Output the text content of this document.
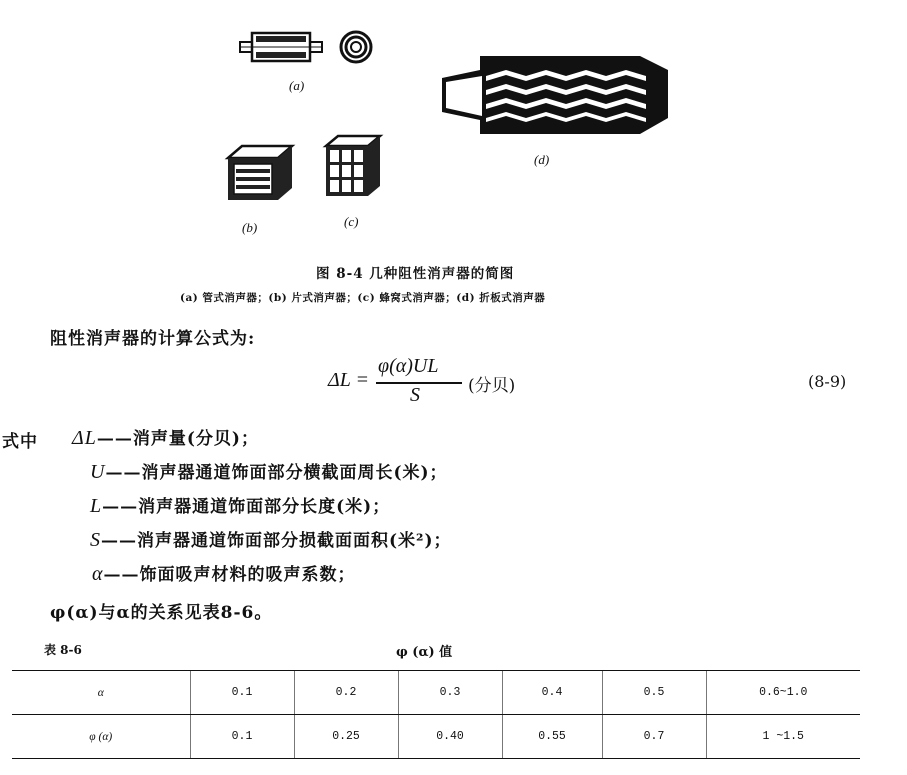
(a)
(d)
(b)	(c)
图 8-4 几种阻性消声器的简图
(a) 管式消声器；(b) 片式消声器；(c) 蜂窝式消声器；(d) 折板式消声器
阻性消声器的计算公式为:
ΔL =
φ(α)UL
S	(分贝)	(8-9)
式中 ΔL——消声量(分贝)；
U——消声器通道饰面部分横截面周长(米)；
L——消声器通道饰面部分长度(米)；
S——消声器通道饰面部分损截面面积(米²)；
α——饰面吸声材料的吸声系数；
φ(α)与α的关系见表8-6。
表 8-6	φ (α) 值
α	0.1	0.2	0.3	0.4	0.5	0.6~1.0
φ (α)	0.1	0.25	0.40	0.55	0.7	1 ~1.5
